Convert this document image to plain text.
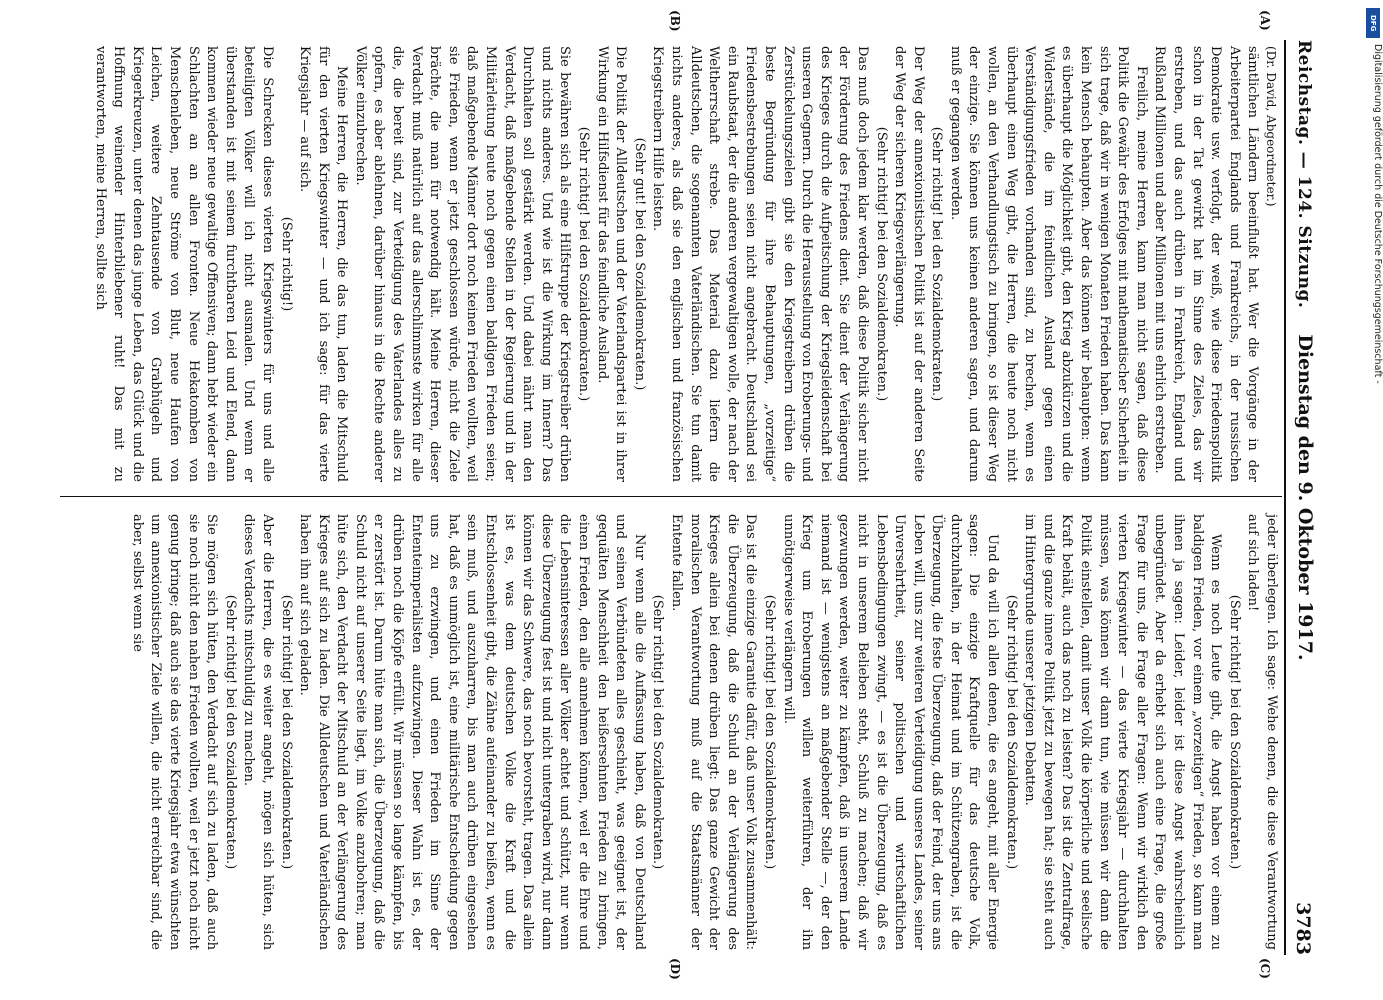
Reichstag. — 124. Sitzung.
Dienstag den 9. Oktober 1917.
3783
(A)
(B)
(C)
(D)

(Dr. David, Abgeordneter.)

sämtlichen Ländern beeinflußt hat. Wer die Vorgänge in der Arbeiterpartei Englands und Frankreichs, in der russischen Demokratie usw. verfolgt, der weiß, wie diese Friedenspolitik schon in der Tat gewirkt hat im Sinne des Zieles, das wir erstreben, und das auch drüben in Frankreich, England und Rußland Millionen und aber Millionen mit uns ehrlich erstreben.

Freilich, meine Herren, kann man nicht sagen, daß diese Politik die Gewähr des Erfolges mit mathematischer Sicherheit in sich trage, daß wir in wenigen Monaten Frieden haben. Das kann kein Mensch behaupten. Aber das können wir behaupten: wenn es überhaupt die Möglichkeit gibt, den Krieg abzukürzen und die Widerstände, die im feindlichen Ausland gegen einen Verständigungsfrieden vorhanden sind, zu brechen, wenn es überhaupt einen Weg gibt, die Herren, die heute noch nicht wollen, an den Verhandlungstisch zu bringen, so ist dieser Weg der einzige. Sie können uns keinen anderen sagen, und darum muß er gegangen werden.

(Sehr richtig! bei den Sozialdemokraten.)

Der Weg der annexionistischen Politik ist auf der anderen Seite der Weg der sicheren Kriegsverlängerung.

(Sehr richtig! bei den Sozialdemokraten.)

Das muß doch jedem klar werden, daß diese Politik sicher nicht der Förderung des Friedens dient. Sie dient der Verlängerung des Krieges durch die Aufpeitschung der Kriegsleidenschaft bei unseren Gegnern. Durch die Herausstellung von Eroberungs- und Zerstückelungszielen gibt sie den Kriegstreibern drüben die beste Begründung für ihre Behauptungen, „vorzeitige“ Friedensbestrebungen seien nicht angebracht. Deutschland sei ein Raubstaat, der die anderen vergewaltigen wolle, der nach der Weltherrschaft strebe. Das Material dazu liefern die Alldeutschen, die sogenannten Vaterländischen. Sie tun damit nichts anderes, als daß sie den englischen und französischen Kriegstreibern Hilfe leisten.

(Sehr gut! bei den Sozialdemokraten.)

Die Politik der Alldeutschen und der Vaterlandspartei ist in ihrer Wirkung ein Hilfsdienst für das feindliche Ausland.

(Sehr richtig! bei den Sozialdemokraten.)

Sie bewähren sich als eine Hilfstruppe der Kriegstreiber drüben und nichts anderes. Und wie ist die Wirkung im Innern? Das Durchhalten soll gestärkt werden. Und dabei nährt man den Verdacht, daß maßgebende Stellen in der Regierung und in der Militärleitung heute noch gegen einen baldigen Frieden seien; daß maßgebende Männer dort noch keinen Frieden wollten, weil sie Frieden, wenn er jetzt geschlossen würde, nicht die Ziele brächte, die man für notwendig hält. Meine Herren, dieser Verdacht muß natürlich auf das allerschlimmste wirken für alle die, die bereit sind, zur Verteidigung des Vaterlandes alles zu opfern, es aber ablehnen, darüber hinaus in die Rechte anderer Völker einzubrechen.

Meine Herren, die Herren, die das tun, laden die Mitschuld für den vierten Kriegswinter — und ich sage: für das vierte Kriegsjahr — auf sich.

(Sehr richtig!)

Die Schrecken dieses vierten Kriegswinters für uns und alle beteiligten Völker will ich nicht ausmalen. Und wenn er überstanden ist mit seinem furchtbaren Leid und Elend, dann kommen wieder neue gewaltige Offensiven; dann hebt wieder ein Schlachten an an allen Fronten. Neue Hekatomben von Menschenleben, neue Ströme von Blut, neue Haufen von Leichen, weitere Zehntausende von Grabhügeln und Kriegerkreuzen, unter denen das junge Leben, das Glück und die Hoffnung weinender Hinterbliebener ruht! Das mit zu verantworten, meine Herren, sollte sich

jeder überlegen. Ich sage: Wehe denen, die diese Verantwortung auf sich laden!

(Sehr richtig! bei den Sozialdemokraten.)

Wenn es noch Leute gibt, die Angst haben vor einem zu baldigen Frieden, vor einem „vorzeitigen“ Frieden, so kann man ihnen ja sagen: Leider, leider ist diese Angst wahrscheinlich unbegründet. Aber da erhebt sich auch eine Frage, die große Frage für uns, die Frage aller Fragen: Wenn wir wirklich den vierten Kriegswinter — das vierte Kriegsjahr — durchhalten müssen, was können wir dann tun, wie müssen wir dann die Politik einstellen, damit unser Volk die körperliche und seelische Kraft behält, auch das noch zu leisten? Das ist die Zentralfrage, und die ganze innere Politik jetzt zu bewegen hat; sie steht auch im Hintergrunde unserer jetzigen Debatten.

(Sehr richtig! bei den Sozialdemokraten.)

Und da will ich allen denen, die es angeht, mit aller Energie sagen: Die einzige Kraftquelle für das deutsche Volk, durchzuhalten, in der Heimat und im Schützengraben, ist die Überzeugung, die feste Überzeugung, daß der Feind, der uns ans Leben will, uns zur weiteren Verteidigung unseres Landes, seiner Unversehrtheit, seiner politischen und wirtschaftlichen Lebensbedingungen zwingt, — es ist die Überzeugung, daß es nicht in unserem Belieben steht, Schluß zu machen; daß wir gezwungen werden, weiter zu kämpfen, daß in unserem Lande niemand ist — wenigstens an maßgebender Stelle —, der den Krieg um Eroberungen willen weiterführen, der ihn unnötigerweise verlängern will.

(Sehr richtig! bei den Sozialdemokraten.)

Das ist die einzige Garantie dafür, daß unser Volk zusammenhält: die Überzeugung, daß die Schuld an der Verlängerung des Krieges allein bei denen drüben liegt: Das ganze Gewicht der moralischen Verantwortung muß auf die Staatsmänner der Entente fallen.

(Sehr richtig! bei den Sozialdemokraten.)

Nur wenn alle die Auffassung haben, daß von Deutschland und seinen Verbündeten alles geschieht, was geeignet ist, der gequälten Menschheit den heißersehnten Frieden zu bringen, einen Frieden, den alle annehmen können, weil er die Ehre und die Lebensinteressen aller Völker achtet und schützt, nur wenn diese Überzeugung fest ist und nicht untergraben wird, nur dann können wir das Schwere, das noch bevorsteht, tragen. Das allein ist es, was dem deutschen Volke die Kraft und die Entschlossenheit gibt, die Zähne aufeinander zu beißen, wenn es sein muß, und auszuharren, bis man auch drüben eingesehen hat, daß es unmöglich ist, eine militärische Entscheidung gegen uns zu erzwingen, und einen Frieden im Sinne der Ententeimperialisten aufzuzwingen. Dieser Wahn ist es, der drüben noch die Köpfe erfüllt. Wir müssen so lange kämpfen, bis er zerstört ist. Darum hüte man sich, die Überzeugung, daß die Schuld nicht auf unserer Seite liegt, im Volke anzubohren; man hüte sich, den Verdacht der Mitschuld an der Verlängerung des Krieges auf sich zu laden. Die Alldeutschen und Vaterländischen haben ihn auf sich geladen.

(Sehr richtig! bei den Sozialdemokraten.)

Aber die Herren, die es weiter angeht, mögen sich hüten, sich dieses Verdachts mitschuldig zu machen.

(Sehr richtig! bei den Sozialdemokraten.)

Sie mögen sich hüten, den Verdacht auf sich zu laden, daß auch sie noch nicht den nahen Frieden wollten, weil er jetzt noch nicht genug bringe; daß auch sie das vierte Kriegsjahr etwa wünschten um annexionistischer Ziele willen, die nicht erreichbar sind, die aber, selbst wenn sie

DFG
Digitalisierung gefördert durch die Deutsche Forschungsgemeinschaft -
